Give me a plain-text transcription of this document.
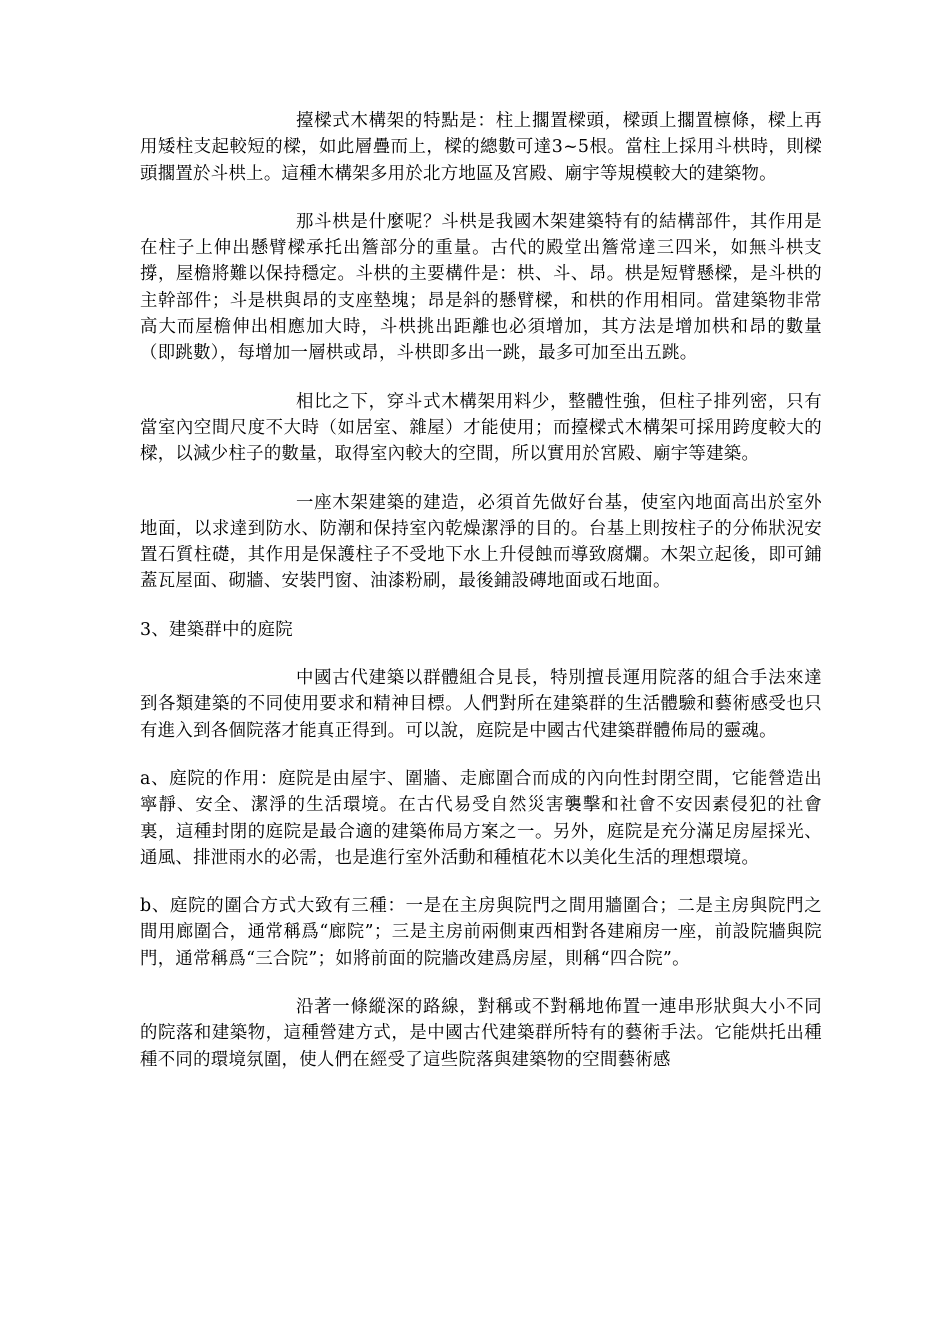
擡樑式木構架的特點是：柱上擱置樑頭，樑頭上擱置檩條，樑上再用矮柱支起較短的樑，如此層疊而上，樑的總數可達3~5根。當柱上採用斗栱時，則樑頭擱置於斗栱上。這種木構架多用於北方地區及宮殿、廟宇等規模較大的建築物。

那斗栱是什麼呢？斗栱是我國木架建築特有的結構部件，其作用是在柱子上伸出懸臂樑承托出簷部分的重量。古代的殿堂出簷常達三四米，如無斗栱支撐，屋檐將難以保持穩定。斗栱的主要構件是：栱、斗、昂。栱是短臂懸樑，是斗栱的主幹部件；斗是栱與昂的支座墊塊；昂是斜的懸臂樑，和栱的作用相同。當建築物非常高大而屋檐伸出相應加大時，斗栱挑出距離也必須增加，其方法是增加栱和昂的數量（即跳數），每增加一層栱或昂，斗栱即多出一跳，最多可加至出五跳。

相比之下，穿斗式木構架用料少，整體性強，但柱子排列密，只有當室內空間尺度不大時（如居室、雜屋）才能使用；而擡樑式木構架可採用跨度較大的樑，以減少柱子的數量，取得室內較大的空間，所以實用於宮殿、廟宇等建築。

一座木架建築的建造，必須首先做好台基，使室內地面高出於室外地面，以求達到防水、防潮和保持室內乾燥潔淨的目的。台基上則按柱子的分佈狀況安置石質柱礎，其作用是保護柱子不受地下水上升侵蝕而導致腐爛。木架立起後，即可鋪蓋瓦屋面、砌牆、安裝門窗、油漆粉刷，最後鋪設磚地面或石地面。

3、建築群中的庭院

中國古代建築以群體組合見長，特別擅長運用院落的組合手法來達到各類建築的不同使用要求和精神目標。人們對所在建築群的生活體驗和藝術感受也只有進入到各個院落才能真正得到。可以說，庭院是中國古代建築群體佈局的靈魂。

a、庭院的作用：庭院是由屋宇、圍牆、走廊圍合而成的內向性封閉空間，它能營造出寧靜、安全、潔淨的生活環境。在古代易受自然災害襲擊和社會不安因素侵犯的社會裏，這種封閉的庭院是最合適的建築佈局方案之一。另外，庭院是充分滿足房屋採光、通風、排泄雨水的必需，也是進行室外活動和種植花木以美化生活的理想環境。

b、庭院的圍合方式大致有三種：一是在主房與院門之間用牆圍合；二是主房與院門之間用廊圍合，通常稱爲“廊院”；三是主房前兩側東西相對各建廂房一座，前設院牆與院門，通常稱爲“三合院”；如將前面的院牆改建爲房屋，則稱“四合院”。

沿著一條縱深的路線，對稱或不對稱地佈置一連串形狀與大小不同的院落和建築物，這種營建方式，是中國古代建築群所特有的藝術手法。它能烘托出種種不同的環境氛圍，使人們在經受了這些院落與建築物的空間藝術感
